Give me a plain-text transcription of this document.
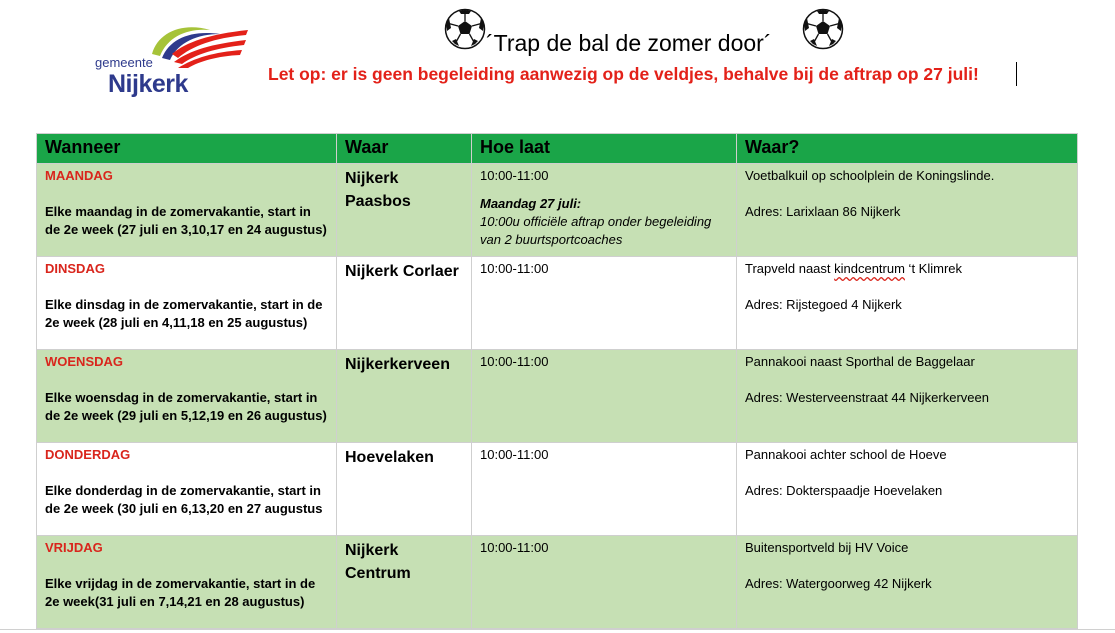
gemeente
Nijkerk
´Trap de bal de zomer door´
Let op: er is geen begeleiding aanwezig op de veldjes, behalve bij de aftrap op 27 juli!
Wanneer	Waar	Hoe laat	Waar?

MAANDAG
Elke maandag in de zomervakantie, start in de 2e week (27 juli en 3,10,17 en 24 augustus)	Nijkerk Paasbos	10:00-11:00
Maandag 27 juli:
10:00u officiële aftrap onder begeleiding van 2 buurtsportcoaches	Voetbalkuil op schoolplein de Koningslinde.
Adres: Larixlaan 86 Nijkerk

DINSDAG
Elke dinsdag in de zomervakantie, start in de 2e week (28 juli en 4,11,18 en 25 augustus)	Nijkerk Corlaer	10:00-11:00	Trapveld naast kindcentrum ‘t Klimrek
Adres: Rijstegoed 4 Nijkerk

WOENSDAG
Elke woensdag in de zomervakantie, start in de 2e week (29 juli en 5,12,19 en 26 augustus)	Nijkerkerveen	10:00-11:00	Pannakooi naast Sporthal de Baggelaar
Adres: Westerveenstraat 44 Nijkerkerveen

DONDERDAG
Elke donderdag in de zomervakantie, start in de 2e week (30 juli en 6,13,20 en 27 augustus	Hoevelaken	10:00-11:00	Pannakooi achter school de Hoeve
Adres: Dokterspaadje Hoevelaken

VRIJDAG
Elke vrijdag in de zomervakantie, start in de 2e week(31 juli en 7,14,21 en 28 augustus)	Nijkerk Centrum	10:00-11:00	Buitensportveld bij HV Voice
Adres: Watergoorweg 42 Nijkerk
